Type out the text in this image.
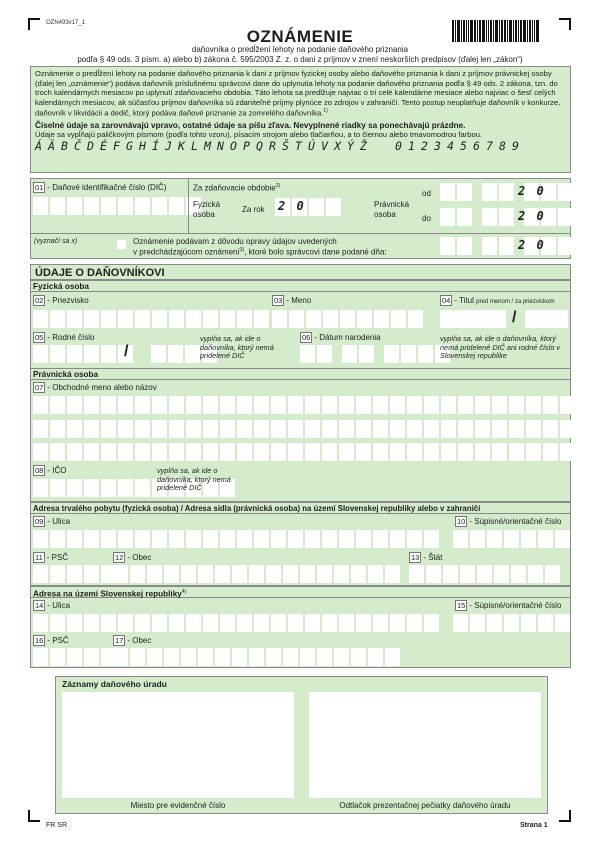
OZN493v17_1
OZNÁMENIE
daňovníka o predĺžení lehoty na podanie daňového priznania
podľa § 49 ods. 3 písm. a) alebo b) zákona č. 595/2003 Z. z. o dani z príjmov v znení neskorších predpisov (ďalej len „zákon“)
Oznámenie o predĺžení lehoty na podanie daňového priznania k dani z príjmov fyzickej osoby alebo daňového priznania k dani z príjmov právnickej osoby (ďalej len „oznámenie“) podáva daňovník príslušnému správcovi dane do uplynutia lehoty na podanie daňového priznania podľa § 49 ods. 2 zákona, tzn. do troch kalendárnych mesiacov po uplynutí zdaňovacieho obdobia. Táto lehota sa predlžuje najviac o tri celé kalendárne mesiace alebo najviac o šesť celých kalendárnych mesiacov, ak súčasťou príjmov daňovníka sú zdaniteľné príjmy plynúce zo zdrojov v zahraničí. Tento postup neuplatňuje daňovník v konkurze, daňovník v likvidácii a dedič, ktorý podáva daňové priznanie za zomrelého daňovníka.$^{1)}$
Číselné údaje sa zarovnávajú vpravo, ostatné údaje sa píšu zľava. Nevyplnené riadky sa ponechávajú prázdne.
Údaje sa vypĺňajú paličkovým písmom (podľa tohto vzoru), písacím strojom alebo tlačiarňou, a to čiernou alebo tmavomodrou farbou.
Á Ä B Č D É F G H Í J K L M N O P Q R Š T Ú V X Ý Ž	0 1 2 3 4 5 6 7 8 9
01 - Daňové identifikačné číslo (DIČ)	Za zdaňovacie obdobie$^{2)}$
Fyzická osoba
Za rok 2 0	Právnická osoba
od	2 0
do	2 0
(vyznačí sa x)	Oznámenie podávam z dôvodu opravy údajov uvedených
v predchádzajúcom oznámení$^{3)}$, ktoré bolo správcovi dane podané dňa:
2 0
ÚDAJE O DAŇOVNÍKOVI
Fyzická osoba
02 - Priezvisko	03 - Meno	04 - Titul pred menom / za priezviskom
/
05 - Rodné číslo
/
vyplňa sa, ak ide o daňovníka, ktorý nemá pridelené DIČ
06 - Dátum narodenia	vyplňa sa, ak ide o daňovníka, ktorý nemá pridelené DIČ ani rodné číslo v Slovenskej republike
Právnická osoba
07 - Obchodné meno alebo názov
08 - IČO	vyplňa sa, ak ide o daňovníka, ktorý nemá pridelené DIČ
Adresa trvalého pobytu (fyzická osoba) / Adresa sídla (právnická osoba) na území Slovenskej republiky alebo v zahraničí
09 - Ulica	10 - Súpisné/orientačné číslo
11 - PSČ	12 - Obec	13 - Štát
Adresa na území Slovenskej republiky$^{4)}$
14 - Ulica	15 - Súpisné/orientačné číslo
16 - PSČ	17 - Obec
Záznamy daňového úradu
Miesto pre evidenčné číslo	Odtlačok prezentačnej pečiatky daňového úradu
FR SR	Strana 1
